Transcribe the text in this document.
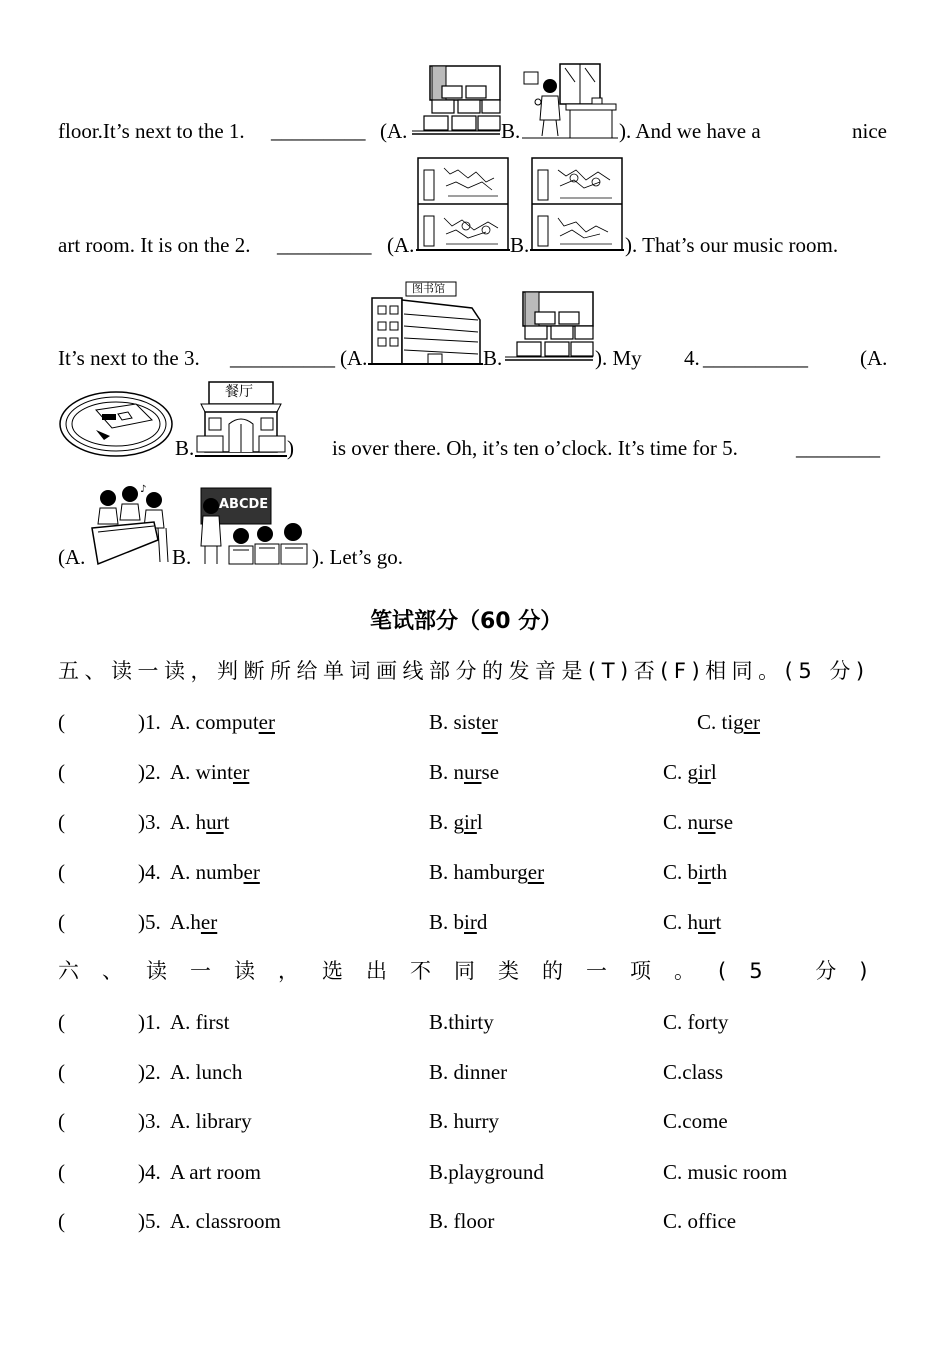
floor.It’s next to the 1. _________ (A.	B.	). And we have a	nice
art room. It is on the 2. _________ (A.	B.	). That’s our music room.
It’s next to the 3. __________ (A.
图书馆
B.	). My 4. __________ (A.
B.
餐厅
) is over there. Oh, it’s ten o’clock. It’s time for 5.	________
(A.
♪
B.
ABCDE
). Let’s go.
笔试部分（60 分）
五、读一读，判断所给单词画线部分的发音是(T)否(F)相同。(5 分)
(	)1. A. computer	B. sister	C. tiger
(	)2. A. winter	B. nurse	C. girl
(	)3. A. hurt	B. girl	C. nurse
(	)4. A. number	B. hamburger	C. birth
(	)5. A.her	B. bird	C. hurt
六、读一读，选出不同类的一项。(5 分)
(	)1. A. first	B.thirty	C. forty
(	)2. A. lunch	B. dinner	C.class
(	)3. A. library	B. hurry	C.come
(	)4. A art room	B.playground	C. music room
(	)5. A. classroom	B. floor	C. office
